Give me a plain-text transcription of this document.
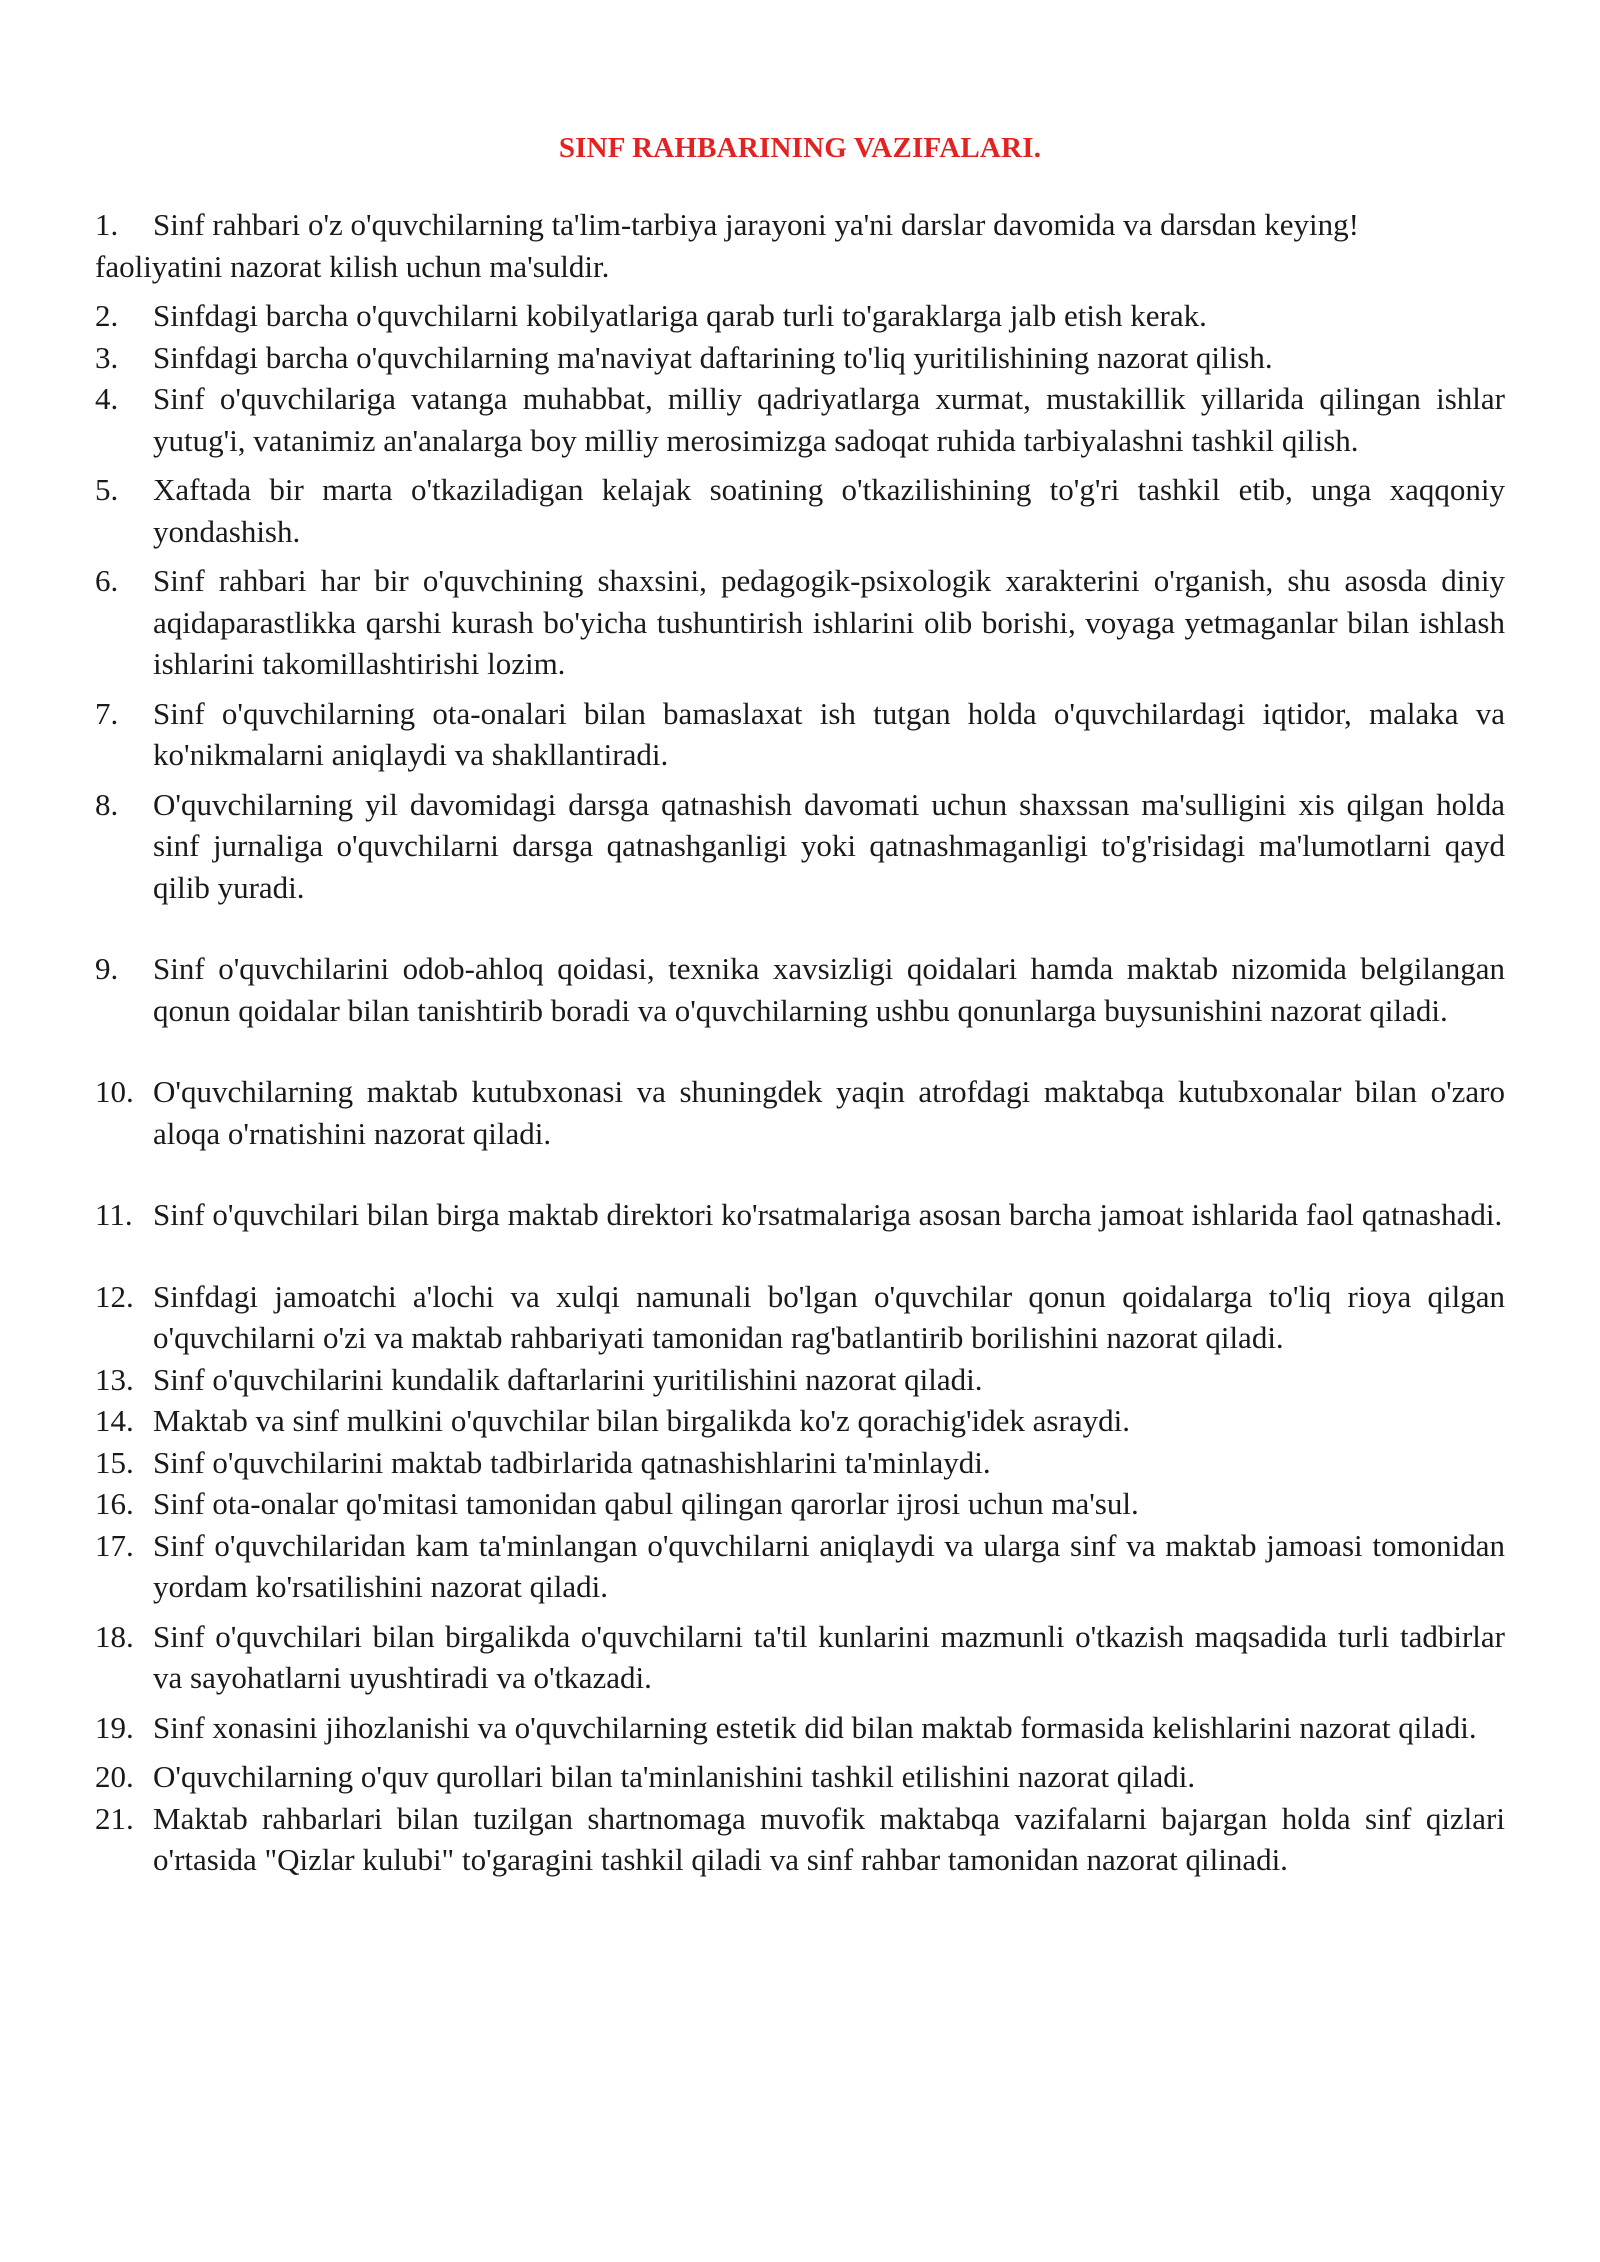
SINF RAHBARINING VAZIFALARI.
1.	Sinf rahbari o'z o'quvchilarning ta'lim-tarbiya jarayoni ya'ni darslar davomida va darsdan keying!
faoliyatini nazorat kilish uchun ma'suldir.
2.	Sinfdagi barcha o'quvchilarni kobilyatlariga qarab turli to'garaklarga jalb etish kerak.
3.	Sinfdagi barcha o'quvchilarning ma'naviyat daftarining to'liq yuritilishining nazorat qilish.
4.	Sinf o'quvchilariga vatanga muhabbat, milliy qadriyatlarga xurmat, mustakillik yillarida qilingan ishlar yutug'i, vatanimiz an'analarga boy milliy merosimizga sadoqat ruhida tarbiyalashni tashkil qilish.
5.	Xaftada bir marta o'tkaziladigan kelajak soatining o'tkazilishining to'g'ri tashkil etib, unga xaqqoniy yondashish.
6.	Sinf rahbari har bir o'quvchining shaxsini, pedagogik-psixologik xarakterini o'rganish, shu asosda diniy aqidaparastlikka qarshi kurash bo'yicha tushuntirish ishlarini olib borishi, voyaga yetmaganlar bilan ishlash ishlarini takomillashtirishi lozim.
7.	Sinf o'quvchilarning ota-onalari bilan bamaslaxat ish tutgan holda o'quvchilardagi iqtidor, malaka va ko'nikmalarni aniqlaydi va shakllantiradi.
8.	O'quvchilarning yil davomidagi darsga qatnashish davomati uchun shaxssan ma'sulligini xis qilgan holda sinf jurnaliga o'quvchilarni darsga qatnashganligi yoki qatnashmaganligi to'g'risidagi ma'lumotlarni qayd qilib yuradi.
9.	Sinf o'quvchilarini odob-ahloq qoidasi, texnika xavsizligi qoidalari hamda maktab nizomida belgilangan qonun qoidalar bilan tanishtirib boradi va o'quvchilarning ushbu qonunlarga buysunishini nazorat qiladi.
10. O'quvchilarning maktab kutubxonasi va shuningdek yaqin atrofdagi maktabqa kutubxonalar bilan o'zaro aloqa o'rnatishini nazorat qiladi.
11. Sinf o'quvchilari bilan birga maktab direktori ko'rsatmalariga asosan barcha jamoat ishlarida faol qatnashadi.
12. Sinfdagi jamoatchi a'lochi va xulqi namunali bo'lgan o'quvchilar qonun qoidalarga to'liq rioya qilgan o'quvchilarni o'zi va maktab rahbariyati tamonidan rag'batlantirib borilishini nazorat qiladi.
13. Sinf o'quvchilarini kundalik daftarlarini yuritilishini nazorat qiladi.
14. Maktab va sinf mulkini o'quvchilar bilan birgalikda ko'z qorachig'idek asraydi.
15. Sinf o'quvchilarini maktab tadbirlarida qatnashishlarini ta'minlaydi.
16. Sinf ota-onalar qo'mitasi tamonidan qabul qilingan qarorlar ijrosi uchun ma'sul.
17. Sinf o'quvchilaridan kam ta'minlangan o'quvchilarni aniqlaydi va ularga sinf va maktab jamoasi tomonidan yordam ko'rsatilishini nazorat qiladi.
18. Sinf o'quvchilari bilan birgalikda o'quvchilarni ta'til kunlarini mazmunli o'tkazish maqsadida turli tadbirlar va sayohatlarni uyushtiradi va o'tkazadi.
19. Sinf xonasini jihozlanishi va o'quvchilarning estetik did bilan maktab formasida kelishlarini nazorat qiladi.
20. O'quvchilarning o'quv qurollari bilan ta'minlanishini tashkil etilishini nazorat qiladi.
21. Maktab rahbarlari bilan tuzilgan shartnomaga muvofik maktabqa vazifalarni bajargan holda sinf qizlari o'rtasida "Qizlar kulubi" to'garagini tashkil qiladi va sinf rahbar tamonidan nazorat qilinadi.
